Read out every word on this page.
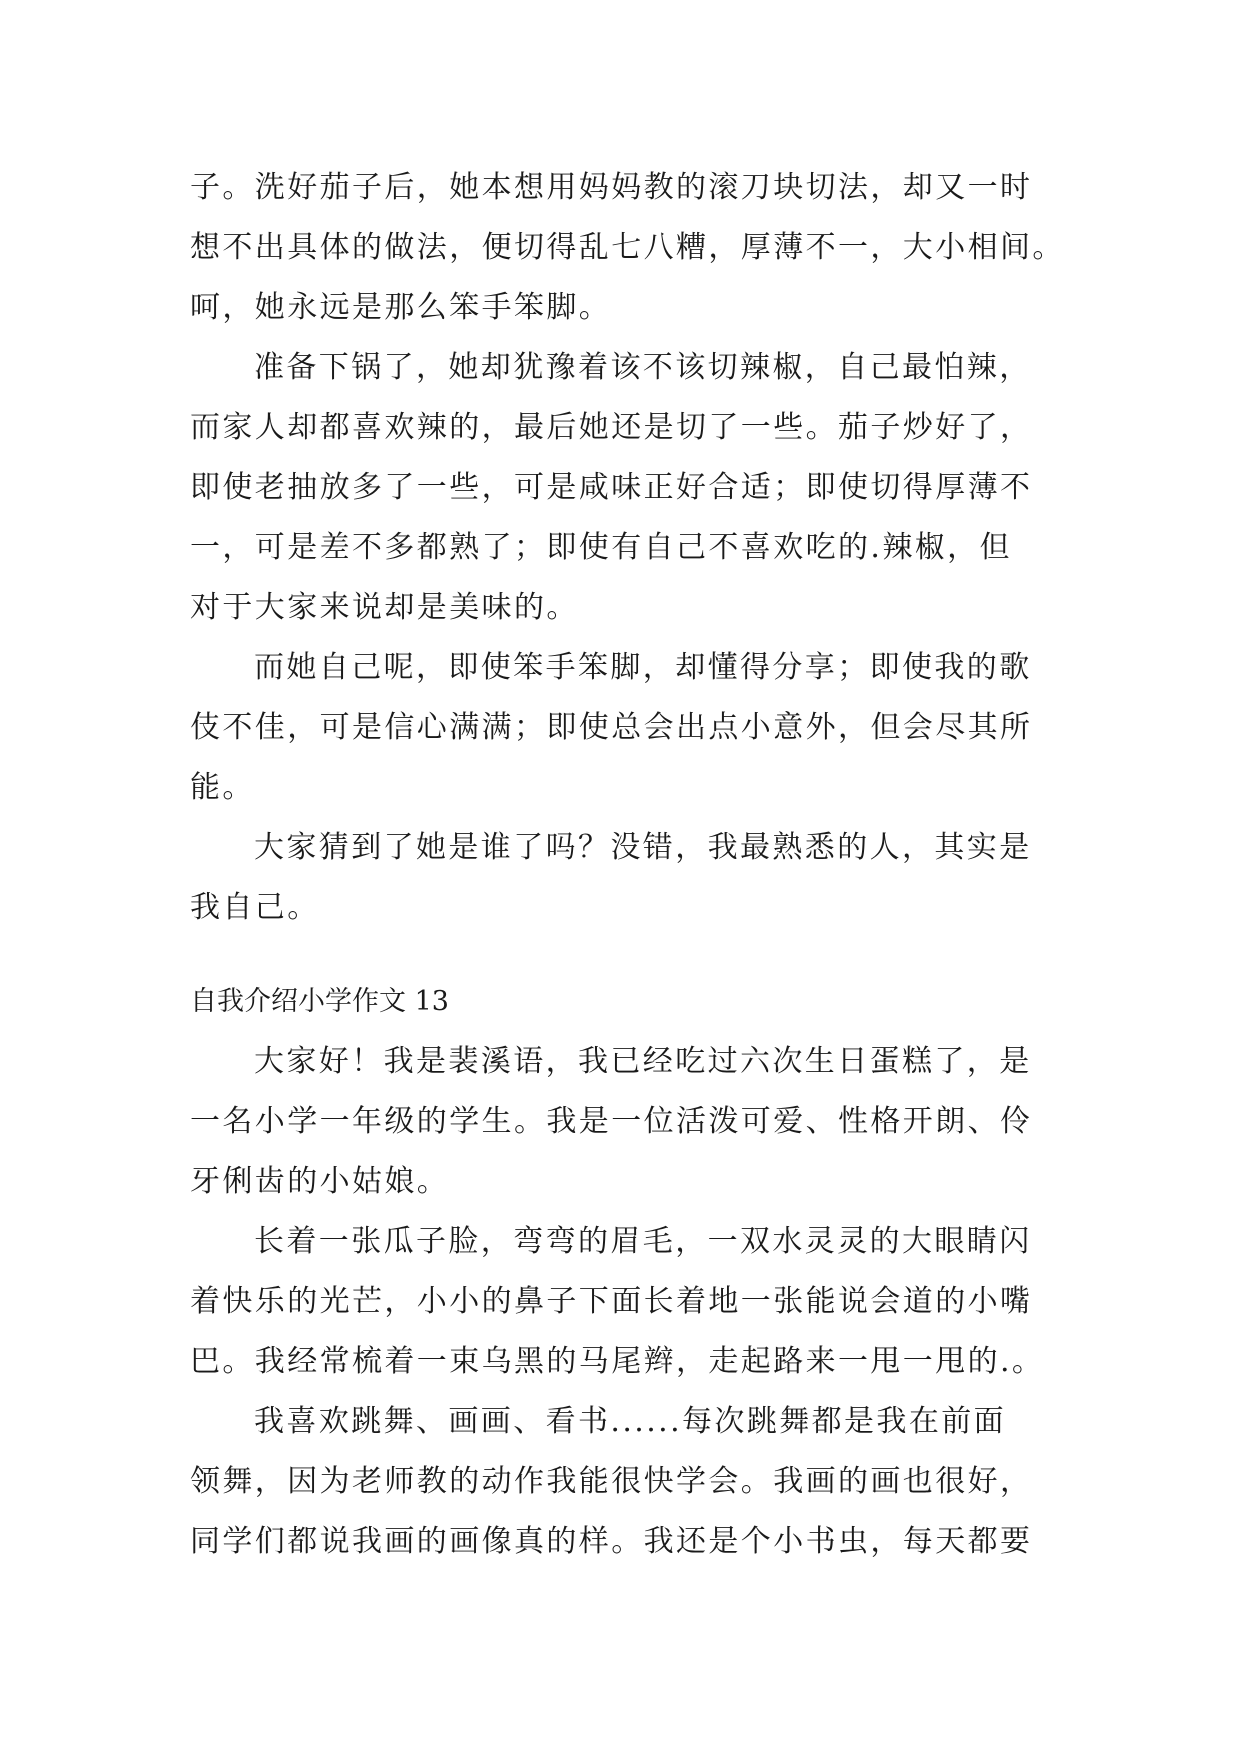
子。洗好茄子后，她本想用妈妈教的滚刀块切法，却又一时

想不出具体的做法，便切得乱七八糟，厚薄不一，大小相间。

呵，她永远是那么笨手笨脚。

准备下锅了，她却犹豫着该不该切辣椒，自己最怕辣，

而家人却都喜欢辣的，最后她还是切了一些。茄子炒好了，

即使老抽放多了一些，可是咸味正好合适；即使切得厚薄不

一，可是差不多都熟了；即使有自己不喜欢吃的.辣椒，但

对于大家来说却是美味的。

而她自己呢，即使笨手笨脚，却懂得分享；即使我的歌

伎不佳，可是信心满满；即使总会出点小意外，但会尽其所

能。

大家猜到了她是谁了吗？没错，我最熟悉的人，其实是

我自己。

自我介绍小学作文 13

大家好！我是裴溪语，我已经吃过六次生日蛋糕了，是

一名小学一年级的学生。我是一位活泼可爱、性格开朗、伶

牙俐齿的小姑娘。

长着一张瓜子脸，弯弯的眉毛，一双水灵灵的大眼睛闪

着快乐的光芒，小小的鼻子下面长着地一张能说会道的小嘴

巴。我经常梳着一束乌黑的马尾辫，走起路来一甩一甩的.。

我喜欢跳舞、画画、看书......每次跳舞都是我在前面

领舞，因为老师教的动作我能很快学会。我画的画也很好，

同学们都说我画的画像真的样。我还是个小书虫，每天都要
